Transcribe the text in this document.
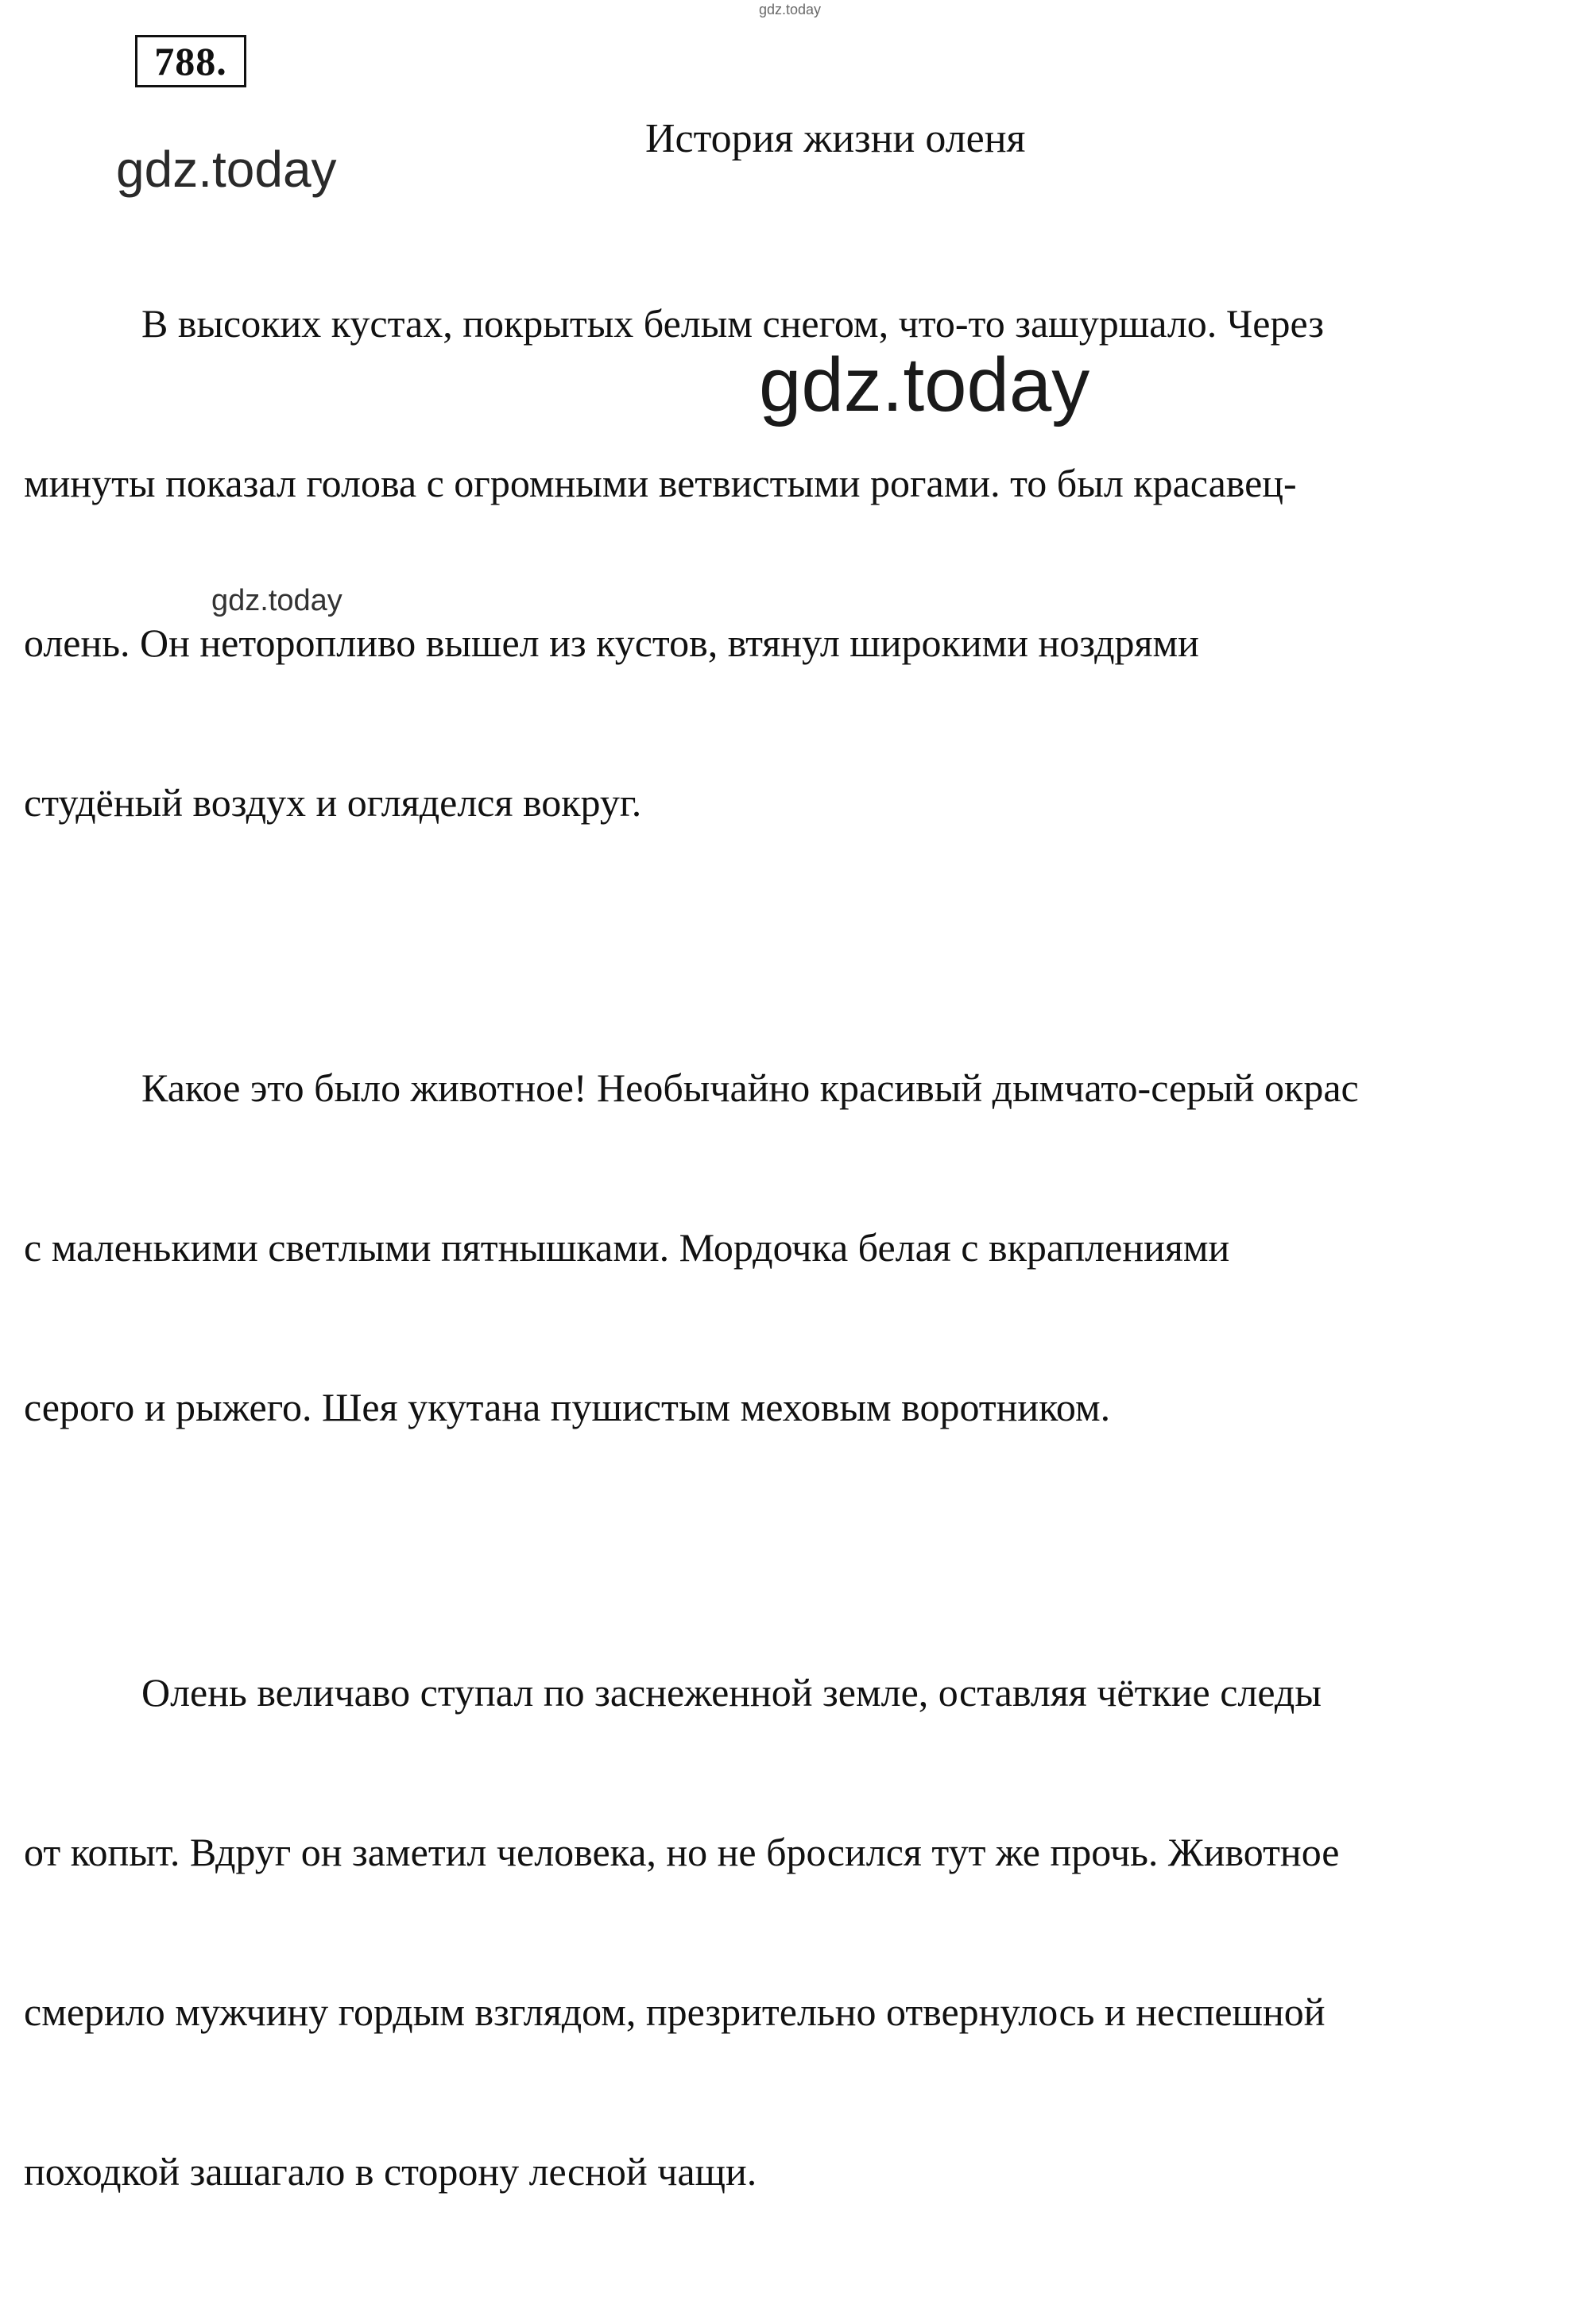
gdz.today
788.
История жизни оленя

В высоких кустах, покрытых белым снегом, что-то зашуршало. Через

минуты показал голова с огромными ветвистыми рогами. то был красавец-

олень. Он неторопливо вышел из кустов, втянул широкими ноздрями

студёный воздух и огляделся вокруг.

Какое это было животное! Необычайно красивый дымчато-серый окрас

с маленькими светлыми пятнышками. Мордочка белая с вкраплениями

серого и рыжего. Шея укутана пушистым меховым воротником.

Олень величаво ступал по заснеженной земле, оставляя чёткие следы

от копыт. Вдруг он заметил человека, но не бросился тут же прочь. Животное

смерило мужчину гордым взглядом, презрительно отвернулось и неспешной

походкой зашагало в сторону лесной чащи.

gdz.today
gdz.today
gdz.today
